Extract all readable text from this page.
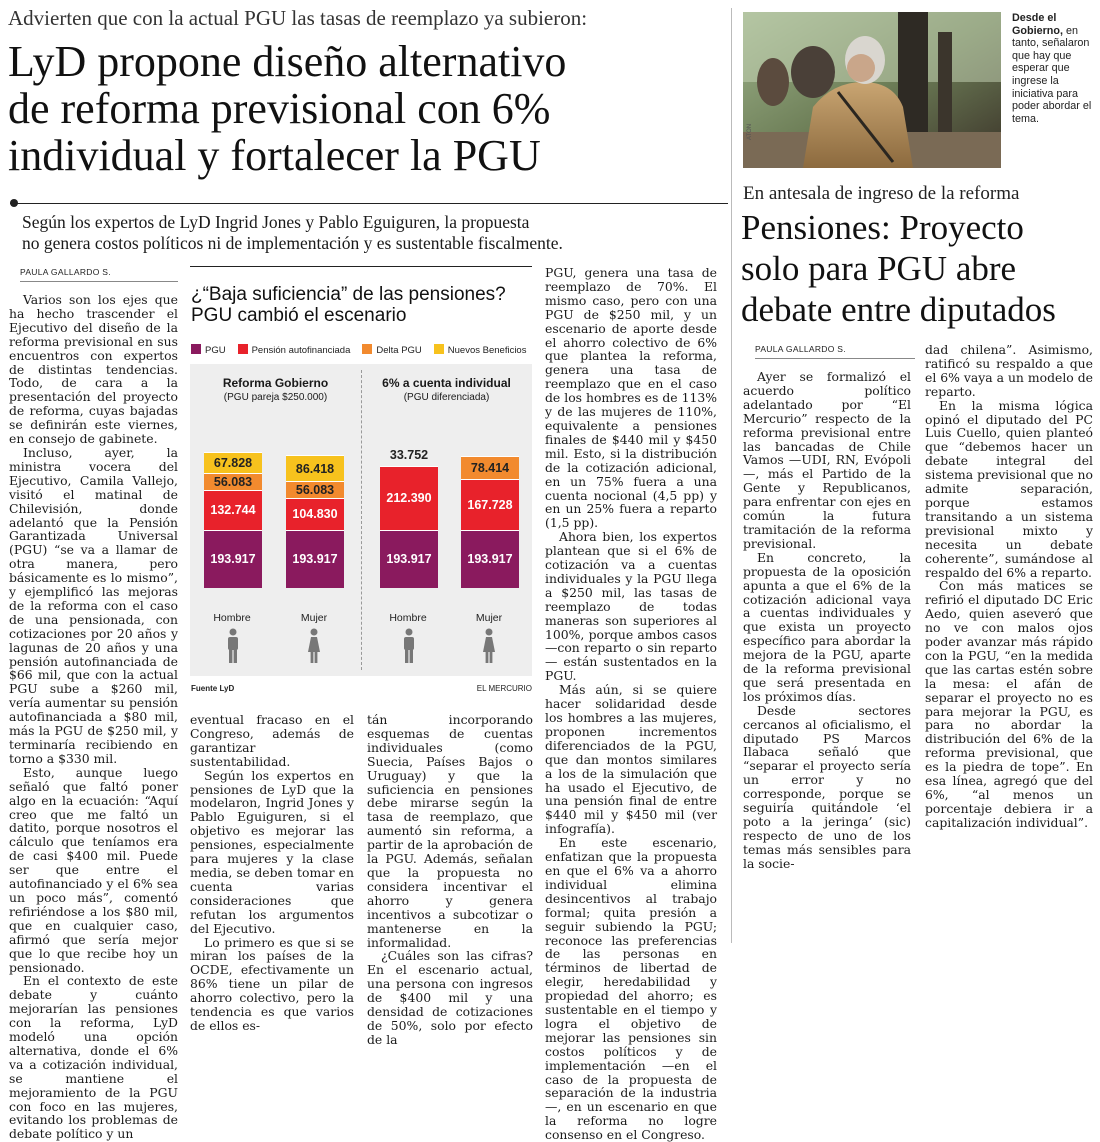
Advierten que con la actual PGU las tasas de reemplazo ya subieron:
LyD propone diseño alternativo
de reforma previsional con 6%
individual y fortalecer la PGU
Según los expertos de LyD Ingrid Jones y Pablo Eguiguren, la propuesta
no genera costos políticos ni de implementación y es sustentable fiscalmente.
PAULA GALLARDO S.

Varios son los ejes que ha hecho trascender el Ejecutivo del diseño de la reforma previsional en sus encuentros con expertos de distintas tendencias. Todo, de cara a la presentación del proyecto de reforma, cuyas bajadas se definirán este viernes, en consejo de gabinete.

Incluso, ayer, la ministra vocera del Ejecutivo, Camila Vallejo, visitó el matinal de Chilevisión, donde adelantó que la Pensión Garantizada Universal (PGU) “se va a llamar de otra manera, pero básicamente es lo mismo”, y ejemplificó las mejoras de la reforma con el caso de una pensionada, con cotizaciones por 20 años y lagunas de 20 años y una pensión autofinanciada de $66 mil, que con la actual PGU sube a $260 mil, vería aumentar su pensión autofinanciada a $80 mil, más la PGU de $250 mil, y terminaría recibiendo en torno a $330 mil.

Esto, aunque luego señaló que faltó poner algo en la ecuación: “Aquí creo que me faltó un datito, porque nosotros el cálculo que teníamos era de casi $400 mil. Puede ser que entre el autofinanciado y el 6% sea un poco más”, comentó refiriéndose a los $80 mil, que en cualquier caso, afirmó que sería mejor que lo que recibe hoy un pensionado.

En el contexto de este debate y cuánto mejorarían las pensiones con la reforma, LyD modeló una opción alternativa, donde el 6% va a cotización individual, se mantiene el mejoramiento de la PGU con foco en las mujeres, evitando los problemas de debate político y un

¿“Baja suficiencia” de las pensiones?
PGU cambió el escenario
PGU	Pensión autofinanciada	Delta PGU	Nuevos Beneficios
Reforma Gobierno
(PGU pareja $250.000)
6% a cuenta individual
(PGU diferenciada)
193.917
132.744
56.083
67.828
193.917
104.830
56.083
86.418
193.917
212.390
33.752
193.917
167.728
78.414
Hombre	Mujer	Hombre	Mujer
Fuente LyD	EL MERCURIO

PGU, genera una tasa de reemplazo de 70%. El mismo caso, pero con una PGU de $250 mil, y un escenario de aporte desde el ahorro colectivo de 6% que plantea la reforma, genera una tasa de reemplazo que en el caso de los hombres es de 113% y de las mujeres de 110%, equivalente a pensiones finales de $440 mil y $450 mil. Esto, si la distribución de la cotización adicional, en un 75% fuera a una cuenta nocional (4,5 pp) y en un 25% fuera a reparto (1,5 pp).

Ahora bien, los expertos plantean que si el 6% de cotización va a cuentas individuales y la PGU llega a $250 mil, las tasas de reemplazo de todas maneras son superiores al 100%, porque ambos casos —con reparto o sin reparto— están sustentados en la PGU.

Más aún, si se quiere hacer solidaridad desde los hombres a las mujeres, proponen incrementos diferenciados de la PGU, que dan montos similares a los de la simulación que ha usado el Ejecutivo, de una pensión final de entre $440 mil y $450 mil (ver infografía).

En este escenario, enfatizan que la propuesta en que el 6% va a ahorro individual elimina desincentivos al trabajo formal; quita presión a seguir subiendo la PGU; reconoce las preferencias de las personas en términos de libertad de elegir, heredabilidad y propiedad del ahorro; es sustentable en el tiempo y logra el objetivo de mejorar las pensiones sin costos políticos y de implementación —en el caso de la propuesta de separación de la industria—, en un escenario en que la reforma no logre consenso en el Congreso.

eventual fracaso en el Congreso, además de garantizar sustentabilidad.

Según los expertos en pensiones de LyD que la modelaron, Ingrid Jones y Pablo Eguiguren, si el objetivo es mejorar las pensiones, especialmente para mujeres y la clase media, se deben tomar en cuenta varias consideraciones que refutan los argumentos del Ejecutivo.

Lo primero es que si se miran los países de la OCDE, efectivamente un 86% tiene un pilar de ahorro colectivo, pero la tendencia es que varios de ellos es-

tán incorporando esquemas de cuentas individuales (como Suecia, Países Bajos o Uruguay) y que la suficiencia en pensiones debe mirarse según la tasa de reemplazo, que aumentó sin reforma, a partir de la aprobación de la PGU. Además, señalan que la propuesta no considera incentivar el ahorro y genera incentivos a subcotizar o mantenerse en la informalidad.

¿Cuáles son las cifras? En el escenario actual, una persona con ingresos de $400 mil y una densidad de cotizaciones de 50%, solo por efecto de la

ATON
Desde el Gobierno, en tanto, señalaron que hay que esperar que ingrese la iniciativa para poder abordar el tema.
En antesala de ingreso de la reforma
Pensiones: Proyecto
solo para PGU abre
debate entre diputados
PAULA GALLARDO S.

Ayer se formalizó el acuerdo político adelantado por “El Mercurio” respecto de la reforma previsional entre las bancadas de Chile Vamos —UDI, RN, Evópoli—, más el Partido de la Gente y Republicanos, para enfrentar con ejes en común la futura tramitación de la reforma previsional.

En concreto, la propuesta de la oposición apunta a que el 6% de la cotización adicional vaya a cuentas individuales y que exista un proyecto específico para abordar la mejora de la PGU, aparte de la reforma previsional que será presentada en los próximos días.

Desde sectores cercanos al oficialismo, el diputado PS Marcos Ilabaca señaló que “separar el proyecto sería un error y no corresponde, porque se seguiría quitándole ‘el poto a la jeringa’ (sic) respecto de uno de los temas más sensibles para la socie-

dad chilena”. Asimismo, ratificó su respaldo a que el 6% vaya a un modelo de reparto.

En la misma lógica opinó el diputado del PC Luis Cuello, quien planteó que “debemos hacer un debate integral del sistema previsional que no admite separación, porque estamos transitando a un sistema previsional mixto y necesita un debate coherente”, sumándose al respaldo del 6% a reparto.

Con más matices se refirió el diputado DC Eric Aedo, quien aseveró que no ve con malos ojos poder avanzar más rápido con la PGU, “en la medida que las cartas estén sobre la mesa: el afán de separar el proyecto no es para mejorar la PGU, es para no abordar la distribución del 6% de la reforma previsional, que es la piedra de tope”. En esa línea, agregó que del 6%, “al menos un porcentaje debiera ir a capitalización individual”.
